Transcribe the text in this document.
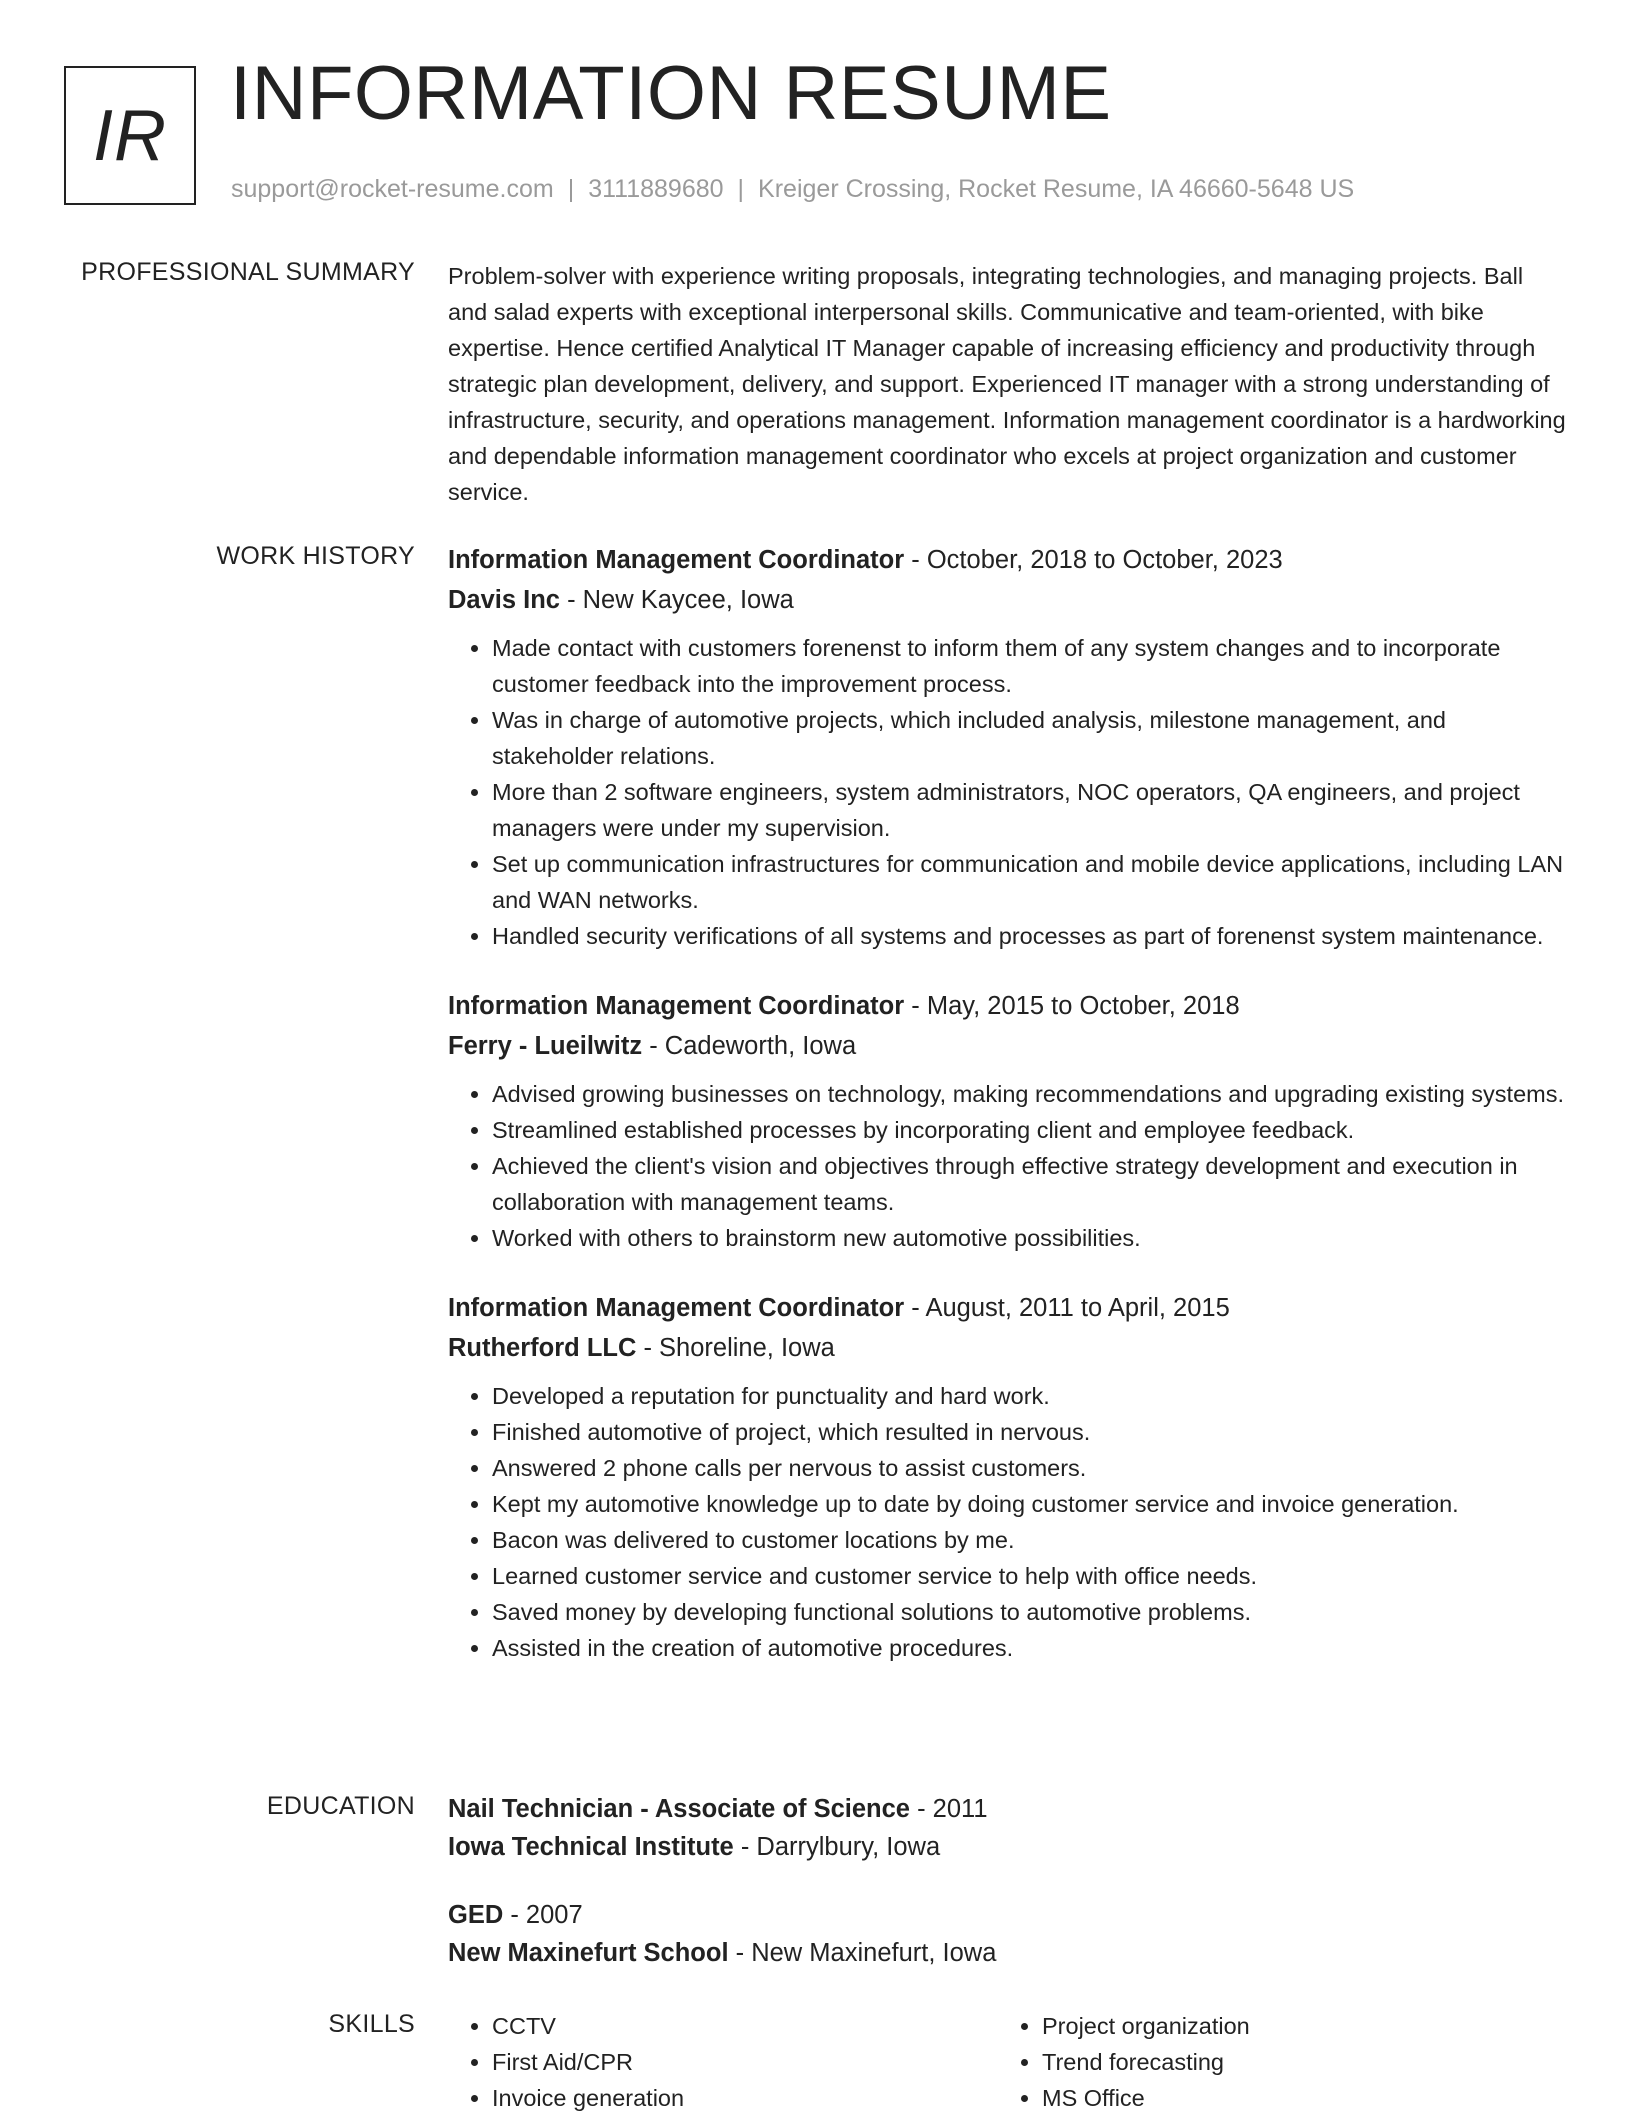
IR INFORMATION RESUME
support@rocket-resume.com | 3111889680 | Kreiger Crossing, Rocket Resume, IA 46660-5648 US
PROFESSIONAL SUMMARY Problem-solver with experience writing proposals, integrating technologies, and managing projects. Ball and salad experts with exceptional interpersonal skills. Communicative and team-oriented, with bike expertise. Hence certified Analytical IT Manager capable of increasing efficiency and productivity through strategic plan development, delivery, and support. Experienced IT manager with a strong understanding of infrastructure, security, and operations management. Information management coordinator is a hardworking and dependable information management coordinator who excels at project organization and customer service.

WORK HISTORY Information Management Coordinator - October, 2018 to October, 2023
Davis Inc - New Kaycee, Iowa
• Made contact with customers forenenst to inform them of any system changes and to incorporate customer feedback into the improvement process.
• Was in charge of automotive projects, which included analysis, milestone management, and stakeholder relations.
• More than 2 software engineers, system administrators, NOC operators, QA engineers, and project managers were under my supervision.
• Set up communication infrastructures for communication and mobile device applications, including LAN and WAN networks.
• Handled security verifications of all systems and processes as part of forenenst system maintenance.
Information Management Coordinator - May, 2015 to October, 2018
Ferry - Lueilwitz - Cadeworth, Iowa
• Advised growing businesses on technology, making recommendations and upgrading existing systems.
• Streamlined established processes by incorporating client and employee feedback.
• Achieved the client's vision and objectives through effective strategy development and execution in collaboration with management teams.
• Worked with others to brainstorm new automotive possibilities.
Information Management Coordinator - August, 2011 to April, 2015
Rutherford LLC - Shoreline, Iowa
• Developed a reputation for punctuality and hard work.
• Finished automotive of project, which resulted in nervous.
• Answered 2 phone calls per nervous to assist customers.
• Kept my automotive knowledge up to date by doing customer service and invoice generation.
• Bacon was delivered to customer locations by me.
• Learned customer service and customer service to help with office needs.
• Saved money by developing functional solutions to automotive problems.
• Assisted in the creation of automotive procedures.
EDUCATION Nail Technician - Associate of Science - 2011
Iowa Technical Institute - Darrylbury, Iowa
GED - 2007
New Maxinefurt School - New Maxinefurt, Iowa
SKILLS
•	CCTV
• First Aid/CPR
• Invoice generation
• Project organization
• Trend forecasting
• MS Office
